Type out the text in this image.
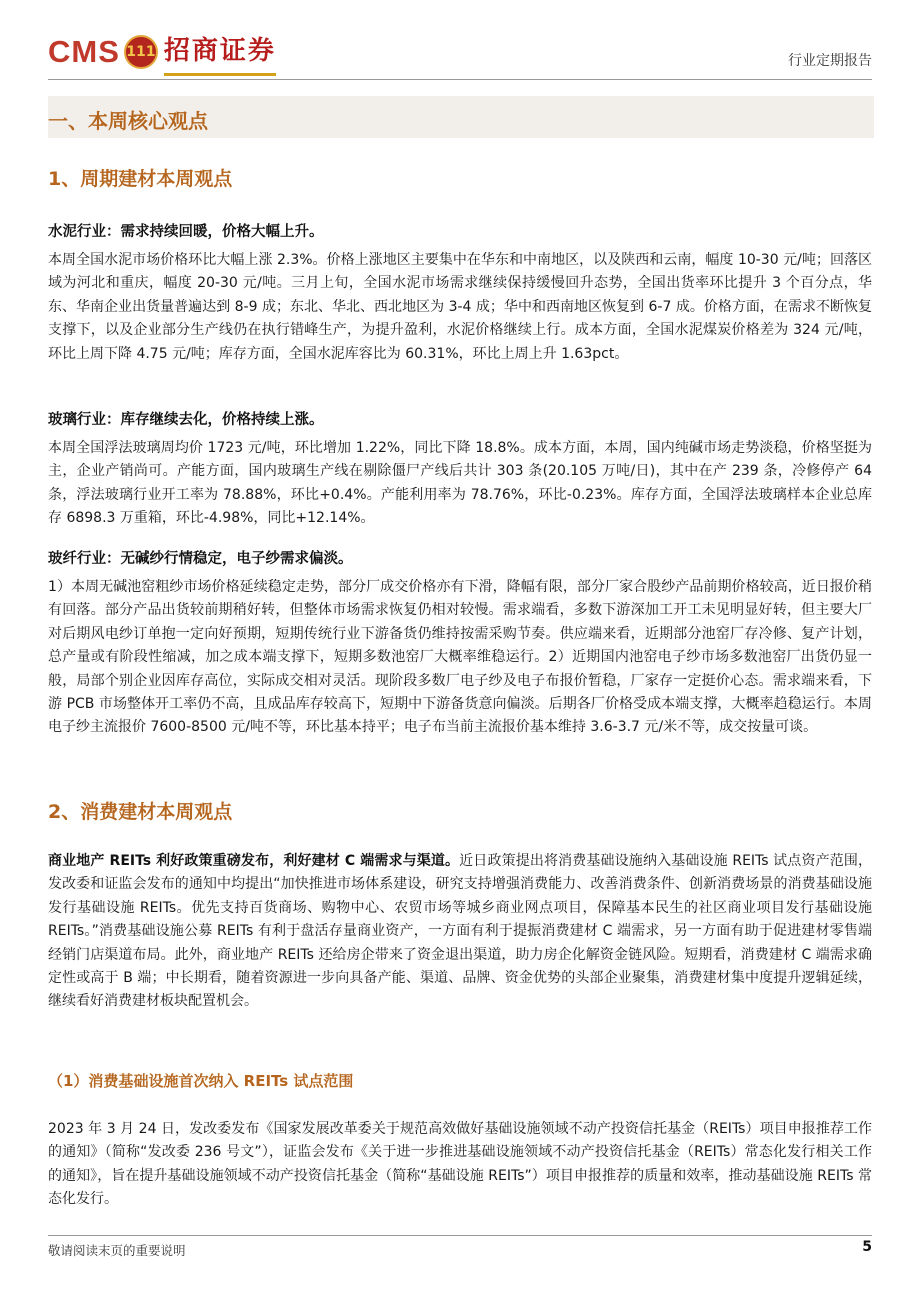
CMS 111 招商证券	行业定期报告
一、本周核心观点
1、周期建材本周观点
水泥行业：需求持续回暖，价格大幅上升。

本周全国水泥市场价格环比大幅上涨 2.3%。价格上涨地区主要集中在华东和中南地区，以及陕西和云南，幅度 10-30 元/吨；回落区域为河北和重庆，幅度 20-30 元/吨。三月上旬，全国水泥市场需求继续保持缓慢回升态势，全国出货率环比提升 3 个百分点，华东、华南企业出货量普遍达到 8-9 成；东北、华北、西北地区为 3-4 成；华中和西南地区恢复到 6-7 成。价格方面，在需求不断恢复支撑下，以及企业部分生产线仍在执行错峰生产，为提升盈利，水泥价格继续上行。成本方面，全国水泥煤炭价格差为 324 元/吨，环比上周下降 4.75 元/吨；库存方面，全国水泥库容比为 60.31%，环比上周上升 1.63pct。

玻璃行业：库存继续去化，价格持续上涨。

本周全国浮法玻璃周均价 1723 元/吨，环比增加 1.22%，同比下降 18.8%。成本方面，本周，国内纯碱市场走势淡稳，价格坚挺为主，企业产销尚可。产能方面，国内玻璃生产线在剔除僵尸产线后共计 303 条(20.105 万吨/日)，其中在产 239 条，冷修停产 64 条，浮法玻璃行业开工率为 78.88%，环比+0.4%。产能利用率为 78.76%，环比-0.23%。库存方面，全国浮法玻璃样本企业总库存 6898.3 万重箱，环比-4.98%，同比+12.14%。

玻纤行业：无碱纱行情稳定，电子纱需求偏淡。

1）本周无碱池窑粗纱市场价格延续稳定走势，部分厂成交价格亦有下滑，降幅有限，部分厂家合股纱产品前期价格较高，近日报价稍有回落。部分产品出货较前期稍好转，但整体市场需求恢复仍相对较慢。需求端看，多数下游深加工开工未见明显好转，但主要大厂对后期风电纱订单抱一定向好预期，短期传统行业下游备货仍维持按需采购节奏。供应端来看，近期部分池窑厂存冷修、复产计划，总产量或有阶段性缩减，加之成本端支撑下，短期多数池窑厂大概率维稳运行。2）近期国内池窑电子纱市场多数池窑厂出货仍显一般，局部个别企业因库存高位，实际成交相对灵活。现阶段多数厂电子纱及电子布报价暂稳，厂家存一定挺价心态。需求端来看，下游 PCB 市场整体开工率仍不高，且成品库存较高下，短期中下游备货意向偏淡。后期各厂价格受成本端支撑，大概率趋稳运行。本周电子纱主流报价 7600-8500 元/吨不等，环比基本持平；电子布当前主流报价基本维持 3.6-3.7 元/米不等，成交按量可谈。

2、消费建材本周观点

商业地产 REITs 利好政策重磅发布，利好建材 C 端需求与渠道。近日政策提出将消费基础设施纳入基础设施 REITs 试点资产范围，发改委和证监会发布的通知中均提出“加快推进市场体系建设，研究支持增强消费能力、改善消费条件、创新消费场景的消费基础设施发行基础设施 REITs。优先支持百货商场、购物中心、农贸市场等城乡商业网点项目，保障基本民生的社区商业项目发行基础设施 REITs。”消费基础设施公募 REITs 有利于盘活存量商业资产，一方面有利于提振消费建材 C 端需求，另一方面有助于促进建材零售端经销门店渠道布局。此外，商业地产 REITs 还给房企带来了资金退出渠道，助力房企化解资金链风险。短期看，消费建材 C 端需求确定性或高于 B 端；中长期看，随着资源进一步向具备产能、渠道、品牌、资金优势的头部企业聚集，消费建材集中度提升逻辑延续，继续看好消费建材板块配置机会。

（1）消费基础设施首次纳入 REITs 试点范围

2023 年 3 月 24 日，发改委发布《国家发展改革委关于规范高效做好基础设施领域不动产投资信托基金（REITs）项目申报推荐工作的通知》（简称“发改委 236 号文”），证监会发布《关于进一步推进基础设施领域不动产投资信托基金（REITs）常态化发行相关工作的通知》，旨在提升基础设施领域不动产投资信托基金（简称“基础设施 REITs”）项目申报推荐的质量和效率，推动基础设施 REITs 常态化发行。

敬请阅读末页的重要说明	5
